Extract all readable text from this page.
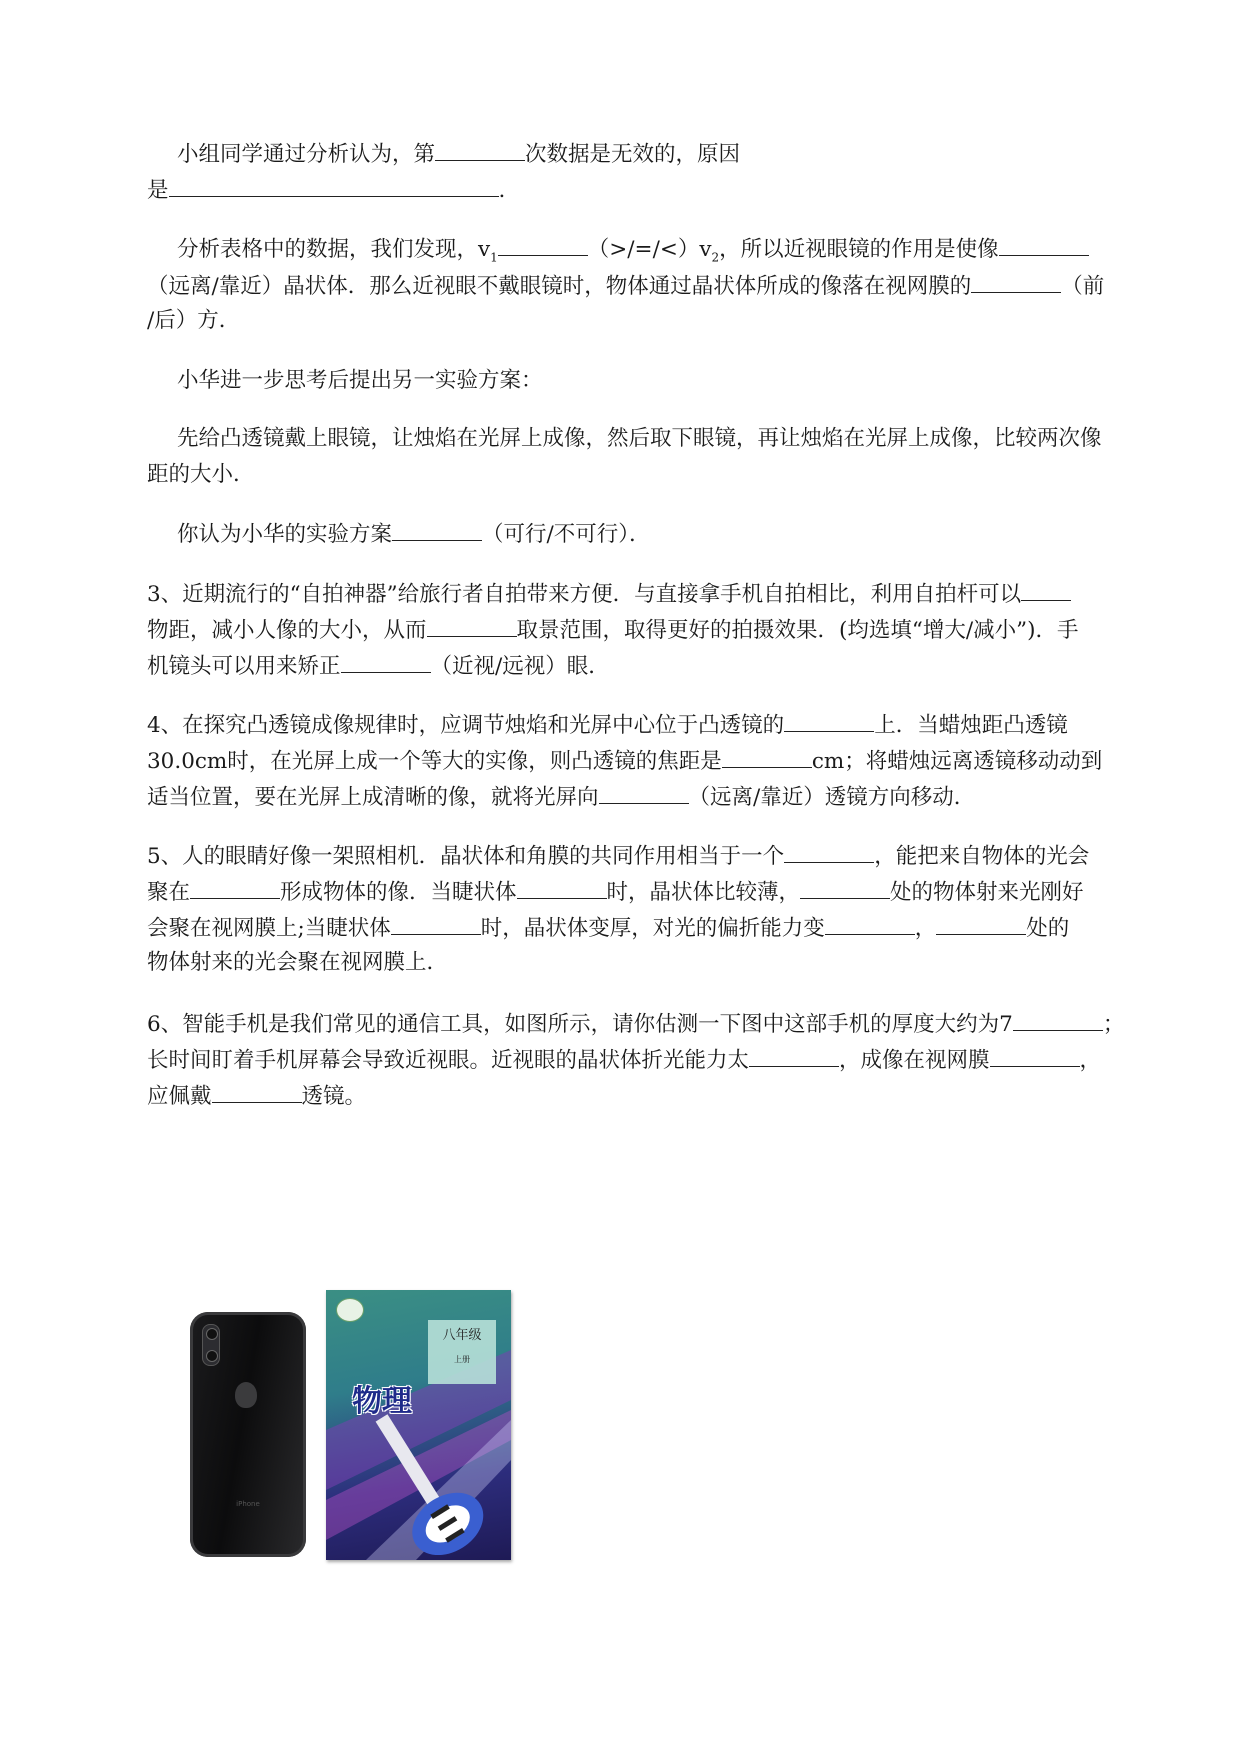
小组同学通过分析认为，第	次数据是无效的，原因
是	.
分析表格中的数据，我们发现，$v_1$	$(>/=/<)v_2$，所以近视眼镜的作用是使像
（远离/靠近）晶状体．那么近视眼不戴眼镜时，物体通过晶状体所成的像落在视网膜的	（前
/后）方．
小华进一步思考后提出另一实验方案：
先给凸透镜戴上眼镜，让烛焰在光屏上成像，然后取下眼镜，再让烛焰在光屏上成像，比较两次像
距的大小．
你认为小华的实验方案	（可行/不可行）．
3、近期流行的“自拍神器”给旅行者自拍带来方便．与直接拿手机自拍相比，利用自拍杆可以
物距，减小人像的大小，从而	取景范围，取得更好的拍摄效果．(均选填“增大/减小”)．手
机镜头可以用来矫正	（近视/远视）眼．
4、在探究凸透镜成像规律时，应调节烛焰和光屏中心位于凸透镜的	上．当蜡烛距凸透镜
30.0cm时，在光屏上成一个等大的实像，则凸透镜的焦距是	cm；将蜡烛远离透镜移动动到
适当位置，要在光屏上成清晰的像，就将光屏向	（远离/靠近）透镜方向移动．
5、人的眼睛好像一架照相机．晶状体和角膜的共同作用相当于一个	，能把来自物体的光会
聚在	形成物体的像．当睫状体	时，晶状体比较薄，	处的物体射来光刚好
会聚在视网膜上;当睫状体	时，晶状体变厚，对光的偏折能力变	，	处的
物体射来的光会聚在视网膜上．
6、智能手机是我们常见的通信工具，如图所示，请你估测一下图中这部手机的厚度大约为7	；
长时间盯着手机屏幕会导致近视眼。近视眼的晶状体折光能力太	，成像在视网膜	，
应佩戴	透镜。
iPhone
八年级
上册
物理
